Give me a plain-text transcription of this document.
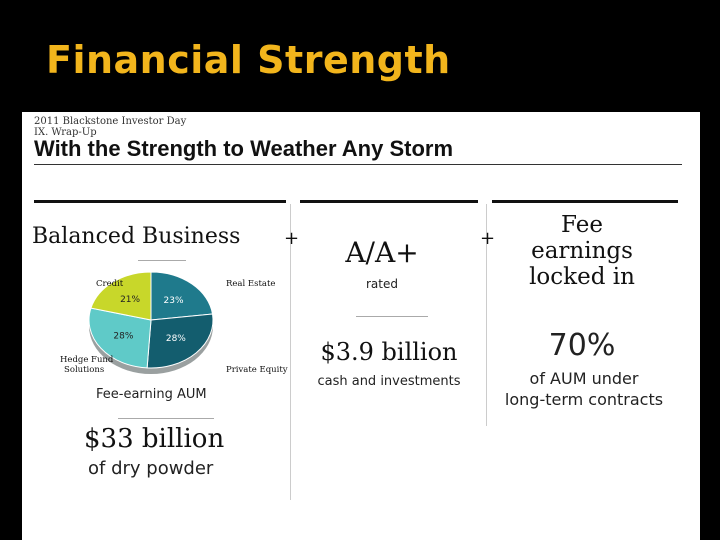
Financial Strength
2011 Blackstone Investor Day
IX. Wrap-Up
With the Strength to Weather Any Storm
Balanced Business +
23%
28%
28%
21%
Real Estate
Private Equity
Hedge Fund
Solutions
Credit
Fee-earning AUM
$33 billion
of dry powder
A/A+
rated
+
$3.9 billion
cash and investments
Fee
earnings
locked in
70%
of AUM under
long-term contracts
